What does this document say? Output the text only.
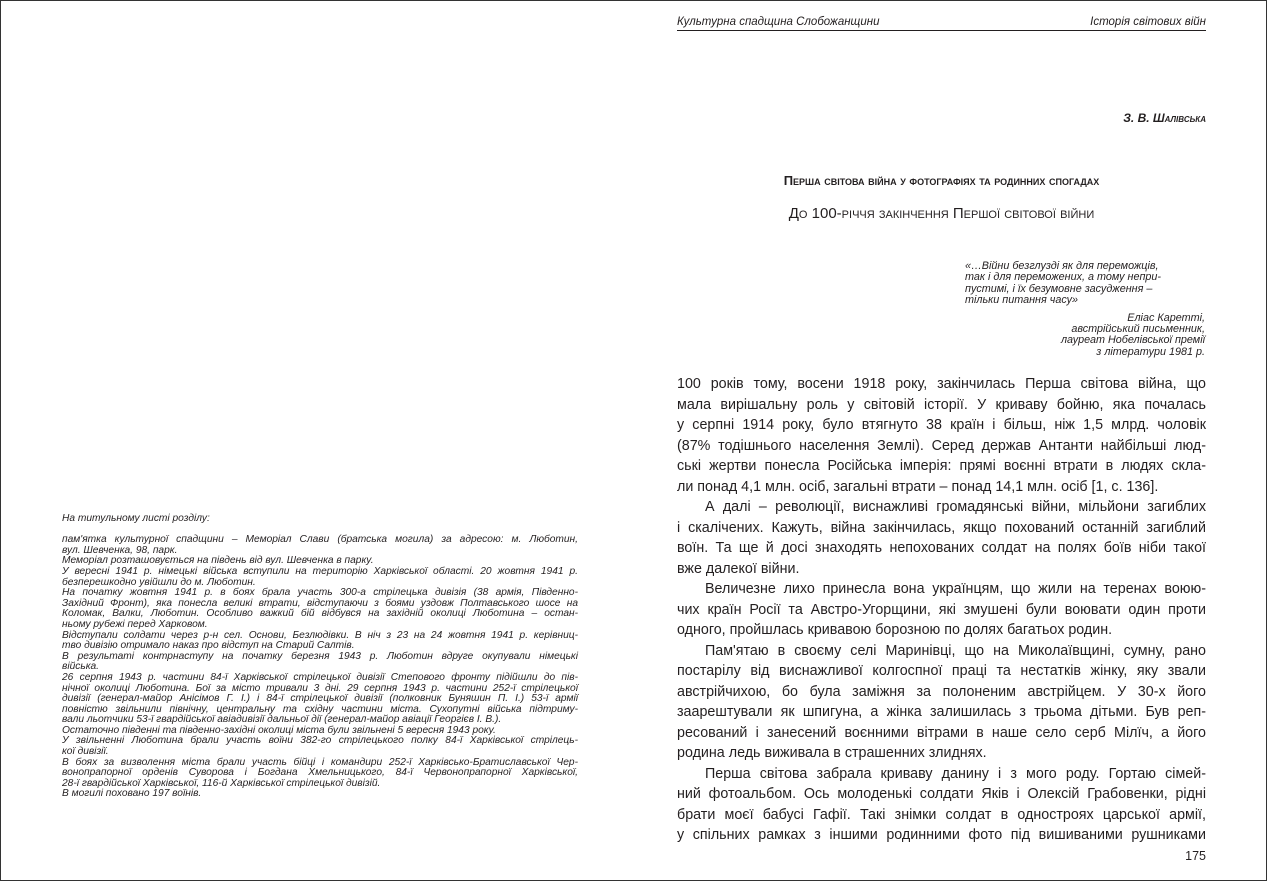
На титульному листі розділу:
пам'ятка культурної спадщини – Меморіал Слави (братська могила) за адресою: м. Люботин,
вул. Шевченка, 98, парк.
Меморіал розташовується на південь від вул. Шевченка в парку.
У вересні 1941 р. німецькі війська вступили на територію Харківської області. 20 жовтня 1941 р.
безперешкодно увійшли до м. Люботин.
На початку жовтня 1941 р. в боях брала участь 300-а стрілецька дивізія (38 армія, Південно-
Західний Фронт), яка понесла великі втрати, відступаючи з боями уздовж Полтавського шосе на
Коломак, Валки, Люботин. Особливо важкий бій відбувся на західній околиці Люботина – остан-
ньому рубежі перед Харковом.
Відступали солдати через р-н сел. Основи, Безлюдівки. В ніч з 23 на 24 жовтня 1941 р. керівниц-
тво дивізію отримало наказ про відступ на Старий Салтів.
В результаті контрнаступу на початку березня 1943 р. Люботин вдруге окупували німецькі
війська.
26 серпня 1943 р. частини 84-ї Харківської стрілецької дивізії Степового фронту підійшли до пів-
нічної околиці Люботина. Бої за місто тривали 3 дні. 29 серпня 1943 р. частини 252-ї стрілецької
дивізії (генерал-майор Анісімов Г. І.) і 84-ї стрілецької дивізії (полковник Буняшин П. І.) 53-ї армії
повністю звільнили північну, центральну та східну частини міста. Сухопутні війська підтриму-
вали льотчики 53-ї гвардійської авіадивізії дальньої дії (генерал-майор авіації Георгієв І. В.).
Остаточно південні та південно-західні околиці міста були звільнені 5 вересня 1943 року.
У звільненні Люботина брали участь воїни 382-го стрілецького полку 84-ї Харківської стрілець-
кої дивізії.
В боях за визволення міста брали участь бійці і командири 252-ї Харківсько-Братиславської Чер-
вонопрапорної орденів Суворова і Богдана Хмельницького, 84-ї Червонопрапорної Харківської,
28-ї гвардійської Харківської, 116-й Харківської стрілецької дивізій.
В могилі поховано 197 воїнів.
Культурна спадщина Слобожанщини	Історія світових війн
З. В. Шалівська
Перша світова війна у фотографіях та родинних спогадах
До 100-річчя закінчення Першої світової війни
«…Війни безглузді як для переможців,
так і для переможених, а тому непри-
пустимі, і їх безумовне засудження –
тільки питання часу»
Еліас Каретті,
австрійський письменник,
лауреат Нобелівської премії
з літератури 1981 р.
100 років тому, восени 1918 року, закінчилась Перша світова війна, що
мала вирішальну роль у світовій історії. У криваву бойню, яка почалась
у серпні 1914 року, було втягнуто 38 країн і більш, ніж 1,5 млрд. чоловік
(87% тодішнього населення Землі). Серед держав Антанти найбільші люд-
ські жертви понесла Російська імперія: прямі воєнні втрати в людях скла-
ли понад 4,1 млн. осіб, загальні втрати – понад 14,1 млн. осіб [1, с. 136].
А далі – революції, виснажливі громадянські війни, мільйони загиблих
і скалічених. Кажуть, війна закінчилась, якщо похований останній загиблий
воїн. Та ще й досі знаходять непохованих солдат на полях боїв ніби такої
вже далекої війни.
Величезне лихо принесла вона українцям, що жили на теренах воюю-
чих країн Росії та Австро-Угорщини, які змушені були воювати один проти
одного, пройшлась кривавою борозною по долях багатьох родин.
Пам'ятаю в своєму селі Маринівці, що на Миколаївщині, сумну, рано
постарілу від виснажливої колгоспної праці та нестатків жінку, яку звали
австрійчихою, бо була заміжня за полоненим австрійцем. У 30-х його
заарештували як шпигуна, а жінка залишилась з трьома дітьми. Був реп-
ресований і занесений воєнними вітрами в наше село серб Мілїч, а його
родина ледь виживала в страшенних злиднях.
Перша світова забрала криваву данину і з мого роду. Гортаю сімей-
ний фотоальбом. Ось молоденькі солдати Яків і Олексій Грабовенки, рідні
брати моєї бабусі Гафії. Такі знімки солдат в одностроях царської армії,
у спільних рамках з іншими родинними фото під вишиваними рушниками
175
